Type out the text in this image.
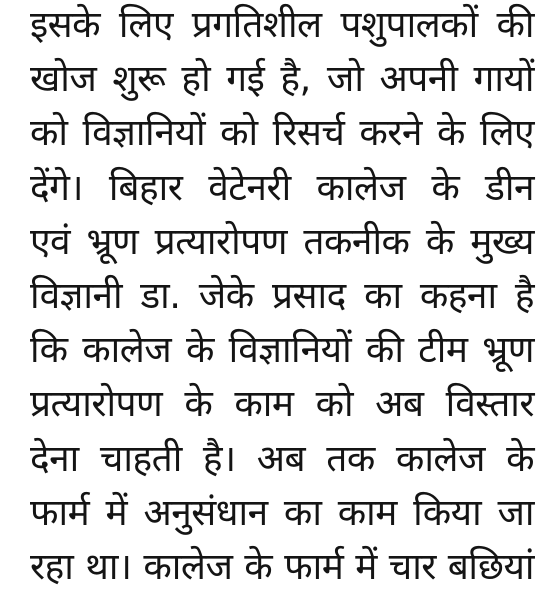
इसके लिए प्रगतिशील पशुपालकों की
खोज शुरू हो गई है, जो अपनी गायों
को विज्ञानियों को रिसर्च करने के लिए
देंगे। बिहार वेटेनरी कालेज के डीन
एवं भ्रूण प्रत्यारोपण तकनीक के मुख्य
विज्ञानी डा. जेके प्रसाद का कहना है
कि कालेज के विज्ञानियों की टीम भ्रूण
प्रत्यारोपण के काम को अब विस्तार
देना चाहती है। अब तक कालेज के
फार्म में अनुसंधान का काम किया जा
रहा था। कालेज के फार्म में चार बछियां
